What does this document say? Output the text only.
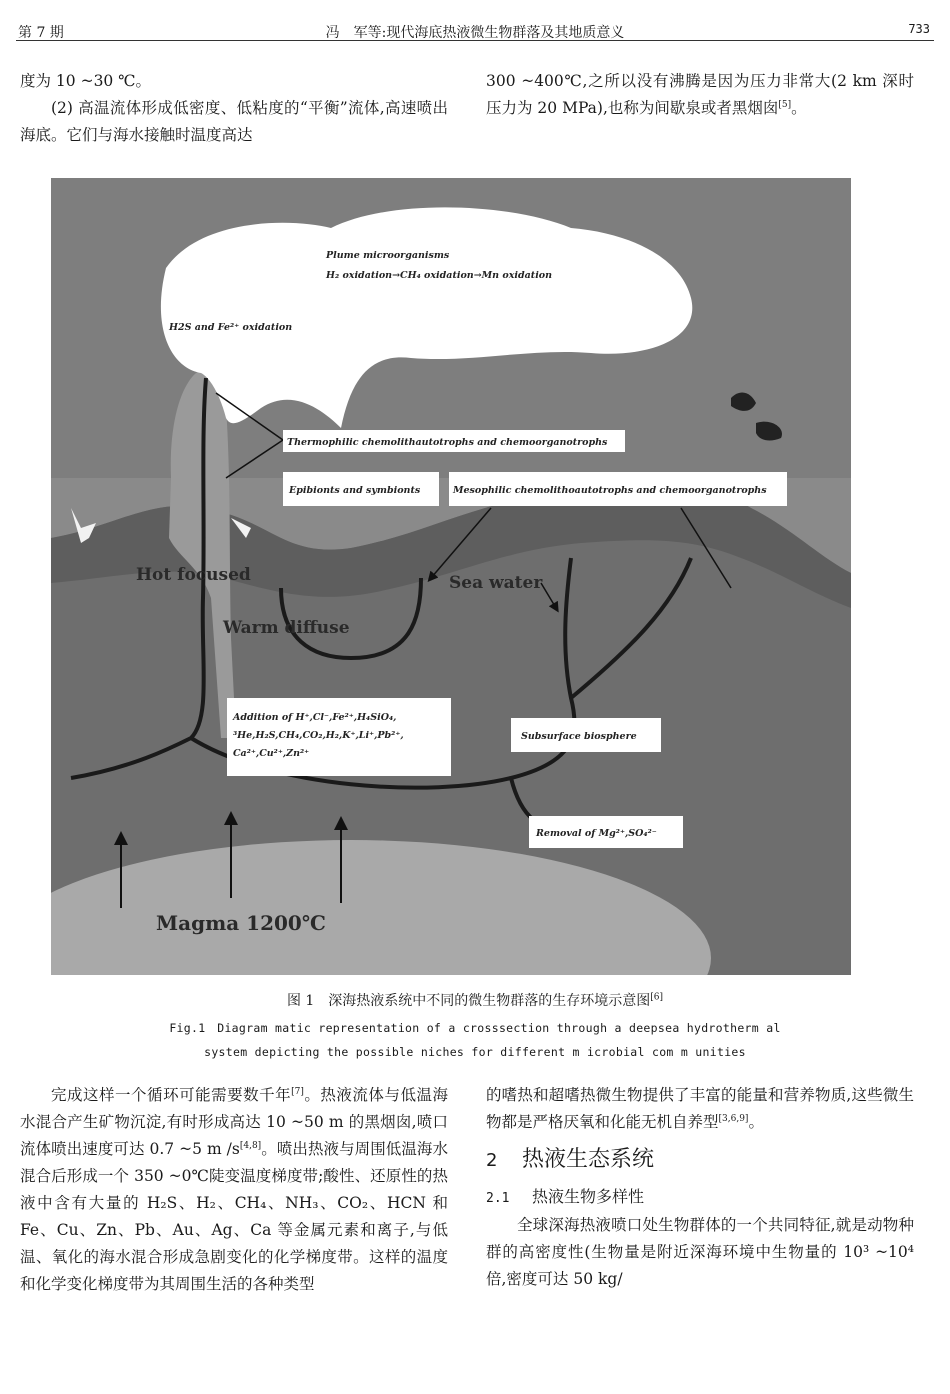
第 7 期	冯　军等:现代海底热液微生物群落及其地质意义	733

度为 10 ~30 ℃。

(2) 高温流体形成低密度、低粘度的“平衡”流体,高速喷出海底。它们与海水接触时温度高达

300 ~400℃,之所以没有沸腾是因为压力非常大(2 km 深时压力为 20 MPa),也称为间歇泉或者黑烟囱[5]。

Plume microorganisms
H₂ oxidation→CH₄ oxidation→Mn oxidation
H2S and Fe²⁺ oxidation
Thermophilic chemolithautotrophs and chemoorganotrophs
Epibionts and symbionts	Mesophilic chemolithoautotrophs and chemoorganotrophs
Hot focused
Warm diffuse
Sea water
Magma 1200℃
Addition of H⁺,Cl⁻,Fe²⁺,H₄SiO₄,
³He,H₂S,CH₄,CO₂,H₂,K⁺,Li⁺,Pb²⁺,
Ca²⁺,Cu²⁺,Zn²⁺
Subsurface biosphere
Removal of Mg²⁺,SO₄²⁻
图 1　深海热液系统中不同的微生物群落的生存环境示意图[6]
Fig.1　Diagram matic representation of a crosssection through a deepsea hydrotherm al
system depicting the possible niches for different m icrobial com m unities

完成这样一个循环可能需要数千年[7]。热液流体与低温海水混合产生矿物沉淀,有时形成高达 10 ~50 m 的黑烟囱,喷口流体喷出速度可达 0.7 ~5 m /s[4,8]。喷出热液与周围低温海水混合后形成一个 350 ~0℃陡变温度梯度带;酸性、还原性的热液中含有大量的 H₂S、H₂、CH₄、NH₃、CO₂、HCN 和 Fe、Cu、Zn、Pb、Au、Ag、Ca 等金属元素和离子,与低温、氧化的海水混合形成急剧变化的化学梯度带。这样的温度和化学变化梯度带为其周围生活的各种类型

的嗜热和超嗜热微生物提供了丰富的能量和营养物质,这些微生物都是严格厌氧和化能无机自养型[3,6,9]。

2 热液生态系统
2.1 热液生物多样性

全球深海热液喷口处生物群体的一个共同特征,就是动物种群的高密度性(生物量是附近深海环境中生物量的 10³ ~10⁴ 倍,密度可达 50 kg/
